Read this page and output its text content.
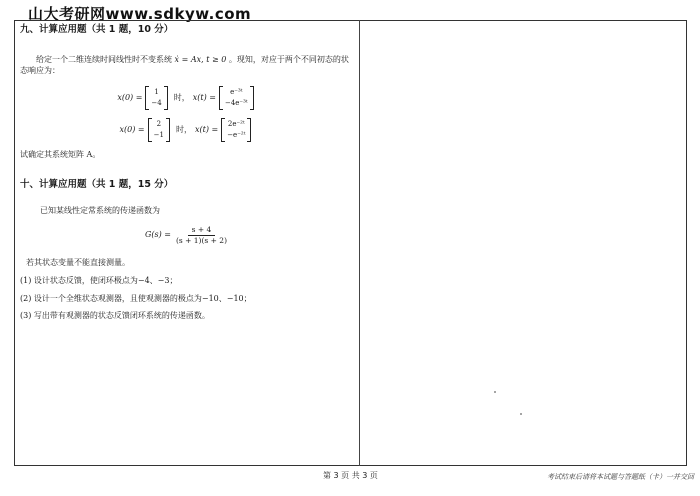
山大考研网www.sdkyw.com
九、计算应用题（共 1 题，10 分）
给定一个二维连续时间线性时不变系统 ẋ = Ax, t ≥ 0 。现知，对应于两个不同初态的状态响应为：
x(0) =
1
−4
时， x(t) =
e⁻³ᵗ
−4e⁻³ᵗ
x(0) =
2
−1
时， x(t) =
2e⁻²ᵗ
−e⁻²ᵗ
试确定其系统矩阵 A。
十、计算应用题（共 1 题，15 分）
已知某线性定常系统的传递函数为
$G(s) = \frac{s + 4}{(s + 1)(s + 2)}$
若其状态变量不能直接测量。
(1) 设计状态反馈，使闭环极点为−4、−3；
(2) 设计一个全维状态观测器，且使观测器的极点为−10、−10；
(3) 写出带有观测器的状态反馈闭环系统的传递函数。
第 3 页 共 3 页	考试结束后请将本试题与答题纸（卡）一并交回
